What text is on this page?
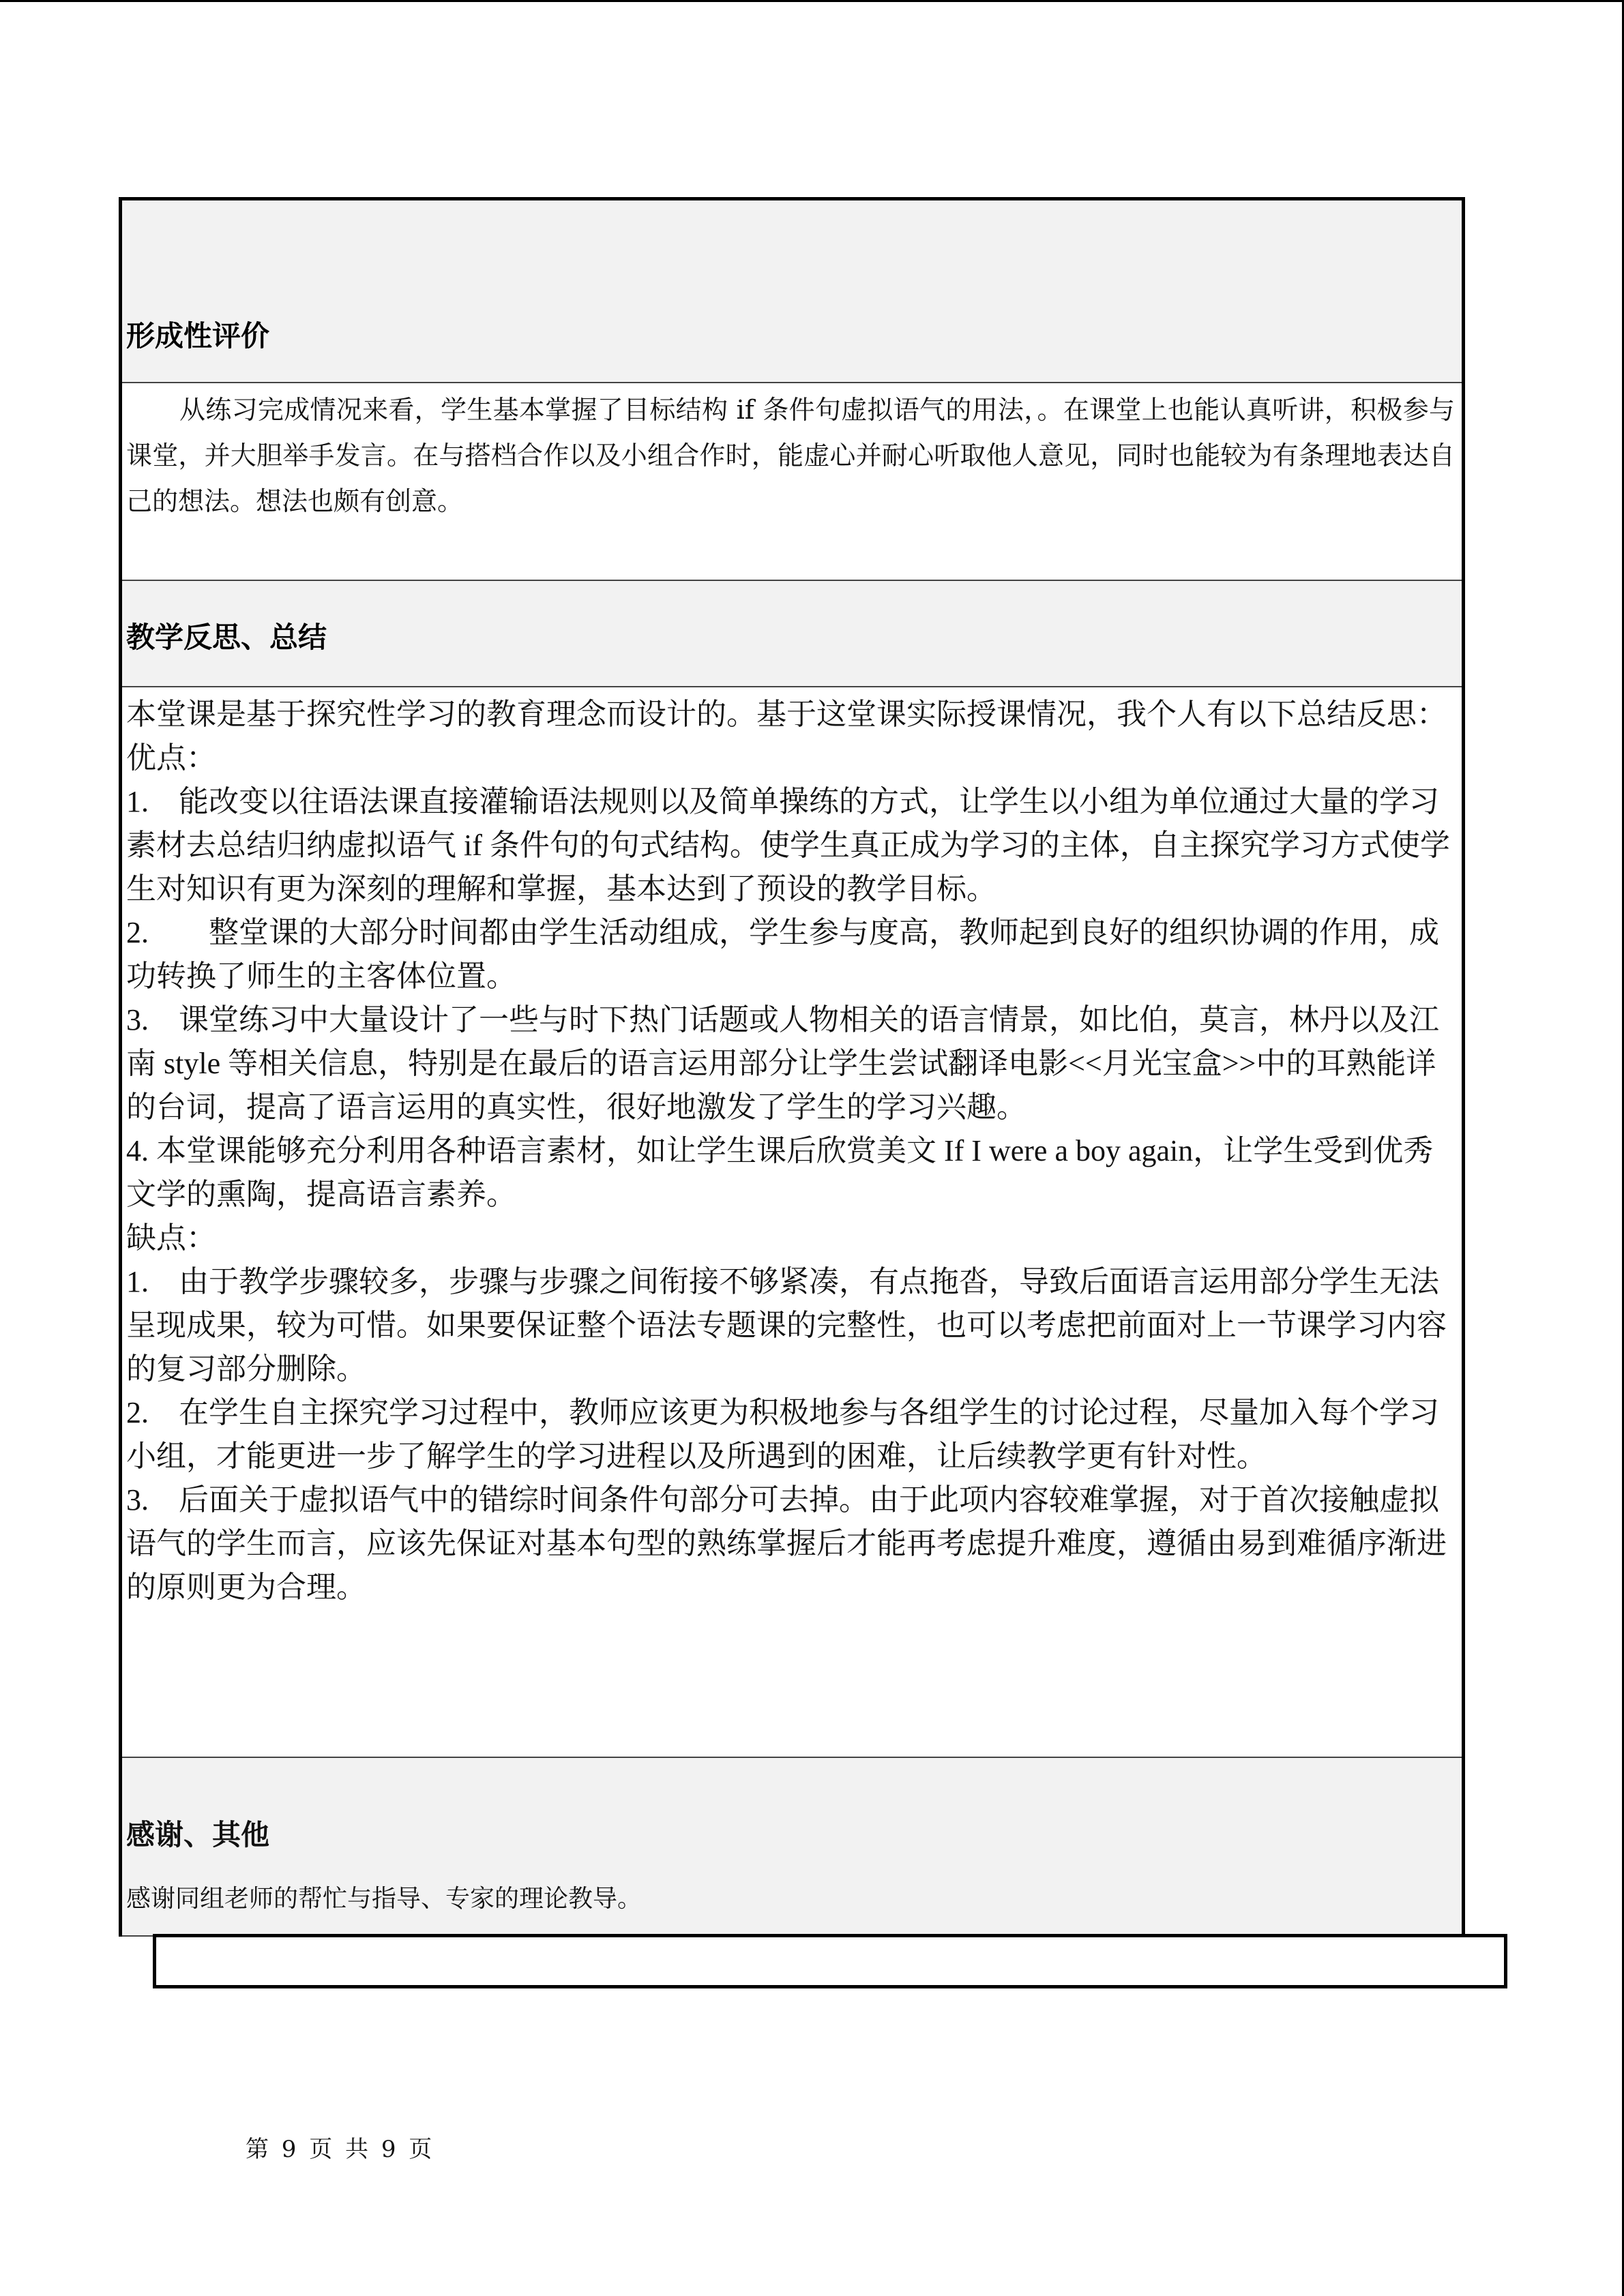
形成性评价
从练习完成情况来看，学生基本掌握了目标结构 if 条件句虚拟语气的用法，。在课堂上也能认真听讲，积极参与课堂，并大胆举手发言。在与搭档合作以及小组合作时，能虚心并耐心听取他人意见，同时也能较为有条理地表达自己的想法。想法也颇有创意。
教学反思、总结

本堂课是基于探究性学习的教育理念而设计的。基于这堂课实际授课情况，我个人有以下总结反思：

优点：

1.　能改变以往语法课直接灌输语法规则以及简单操练的方式，让学生以小组为单位通过大量的学习素材去总结归纳虚拟语气 if 条件句的句式结构。使学生真正成为学习的主体，自主探究学习方式使学生对知识有更为深刻的理解和掌握，基本达到了预设的教学目标。

2.　　整堂课的大部分时间都由学生活动组成，学生参与度高，教师起到良好的组织协调的作用，成功转换了师生的主客体位置。

3.　课堂练习中大量设计了一些与时下热门话题或人物相关的语言情景，如比伯，莫言，林丹以及江南 style 等相关信息，特别是在最后的语言运用部分让学生尝试翻译电影<<月光宝盒>>中的耳熟能详的台词，提高了语言运用的真实性，很好地激发了学生的学习兴趣。

4. 本堂课能够充分利用各种语言素材，如让学生课后欣赏美文 If I were a boy again，让学生受到优秀文学的熏陶，提高语言素养。

缺点：

1.　由于教学步骤较多，步骤与步骤之间衔接不够紧凑，有点拖沓，导致后面语言运用部分学生无法呈现成果，较为可惜。如果要保证整个语法专题课的完整性，也可以考虑把前面对上一节课学习内容的复习部分删除。

2.　在学生自主探究学习过程中，教师应该更为积极地参与各组学生的讨论过程，尽量加入每个学习小组，才能更进一步了解学生的学习进程以及所遇到的困难，让后续教学更有针对性。

3.　后面关于虚拟语气中的错综时间条件句部分可去掉。由于此项内容较难掌握，对于首次接触虚拟语气的学生而言，应该先保证对基本句型的熟练掌握后才能再考虑提升难度，遵循由易到难循序渐进的原则更为合理。

感谢、其他
感谢同组老师的帮忙与指导、专家的理论教导。
第 9 页 共 9 页
